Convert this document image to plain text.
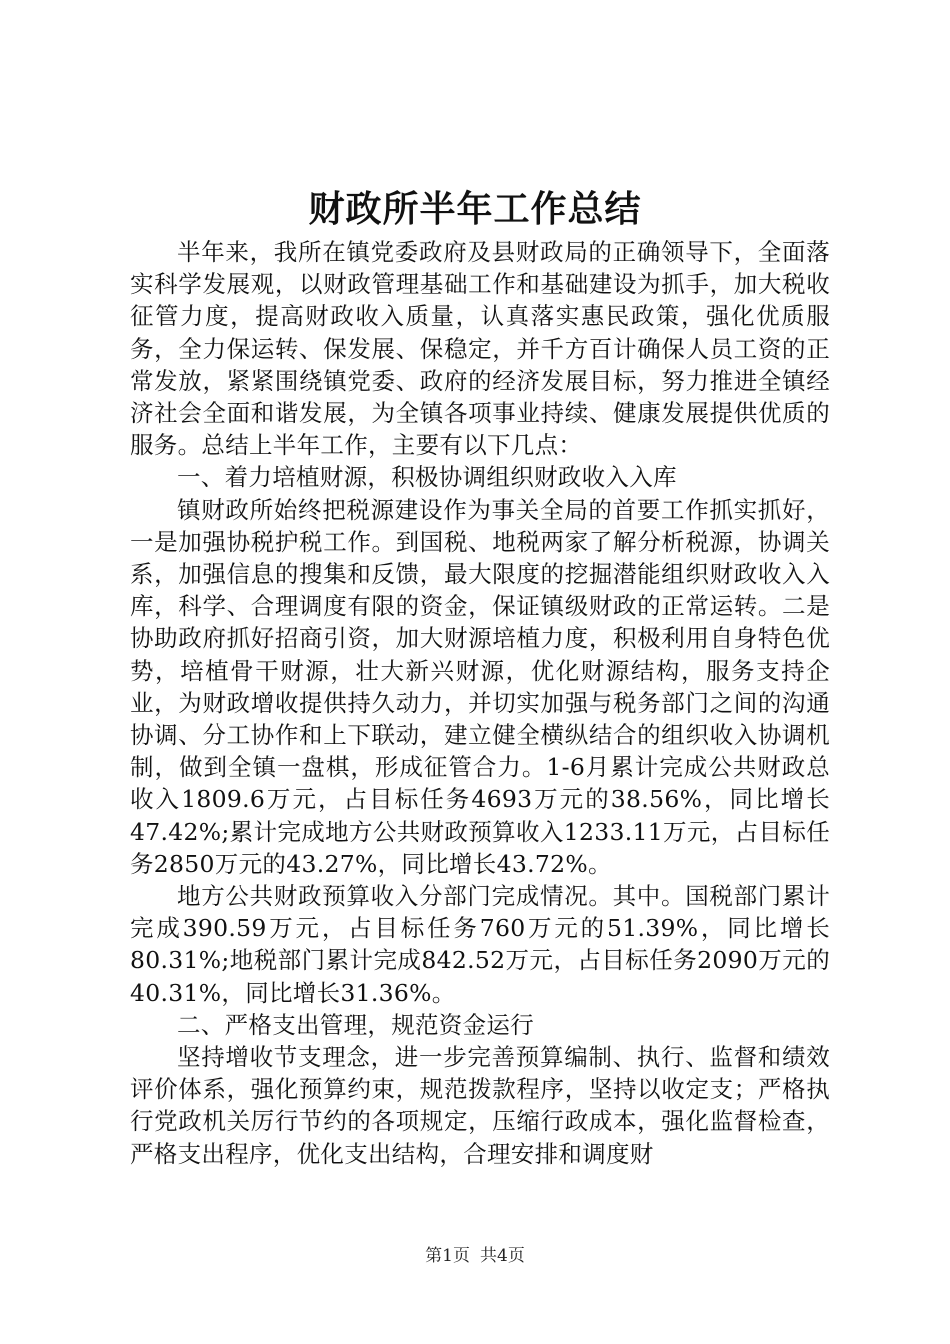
财政所半年工作总结

半年来，我所在镇党委政府及县财政局的正确领导下，全面落实科学发展观，以财政管理基础工作和基础建设为抓手，加大税收征管力度，提高财政收入质量，认真落实惠民政策，强化优质服务，全力保运转、保发展、保稳定，并千方百计确保人员工资的正常发放，紧紧围绕镇党委、政府的经济发展目标，努力推进全镇经济社会全面和谐发展，为全镇各项事业持续、健康发展提供优质的服务。总结上半年工作，主要有以下几点：

一、着力培植财源，积极协调组织财政收入入库

镇财政所始终把税源建设作为事关全局的首要工作抓实抓好，一是加强协税护税工作。到国税、地税两家了解分析税源，协调关系，加强信息的搜集和反馈，最大限度的挖掘潜能组织财政收入入库，科学、合理调度有限的资金，保证镇级财政的正常运转。二是协助政府抓好招商引资，加大财源培植力度，积极利用自身特色优势，培植骨干财源，壮大新兴财源，优化财源结构，服务支持企业，为财政增收提供持久动力，并切实加强与税务部门之间的沟通协调、分工协作和上下联动，建立健全横纵结合的组织收入协调机制，做到全镇一盘棋，形成征管合力。1-6月累计完成公共财政总收入1809.6万元，占目标任务4693万元的38.56%，同比增长47.42%;累计完成地方公共财政预算收入1233.11万元，占目标任务2850万元的43.27%，同比增长43.72%。

地方公共财政预算收入分部门完成情况。其中。国税部门累计完成390.59万元，占目标任务760万元的51.39%，同比增长80.31%;地税部门累计完成842.52万元，占目标任务2090万元的40.31%，同比增长31.36%。

二、严格支出管理，规范资金运行

坚持增收节支理念，进一步完善预算编制、执行、监督和绩效评价体系，强化预算约束，规范拨款程序，坚持以收定支；严格执行党政机关厉行节约的各项规定，压缩行政成本，强化监督检查，严格支出程序，优化支出结构，合理安排和调度财

第1页 共4页
